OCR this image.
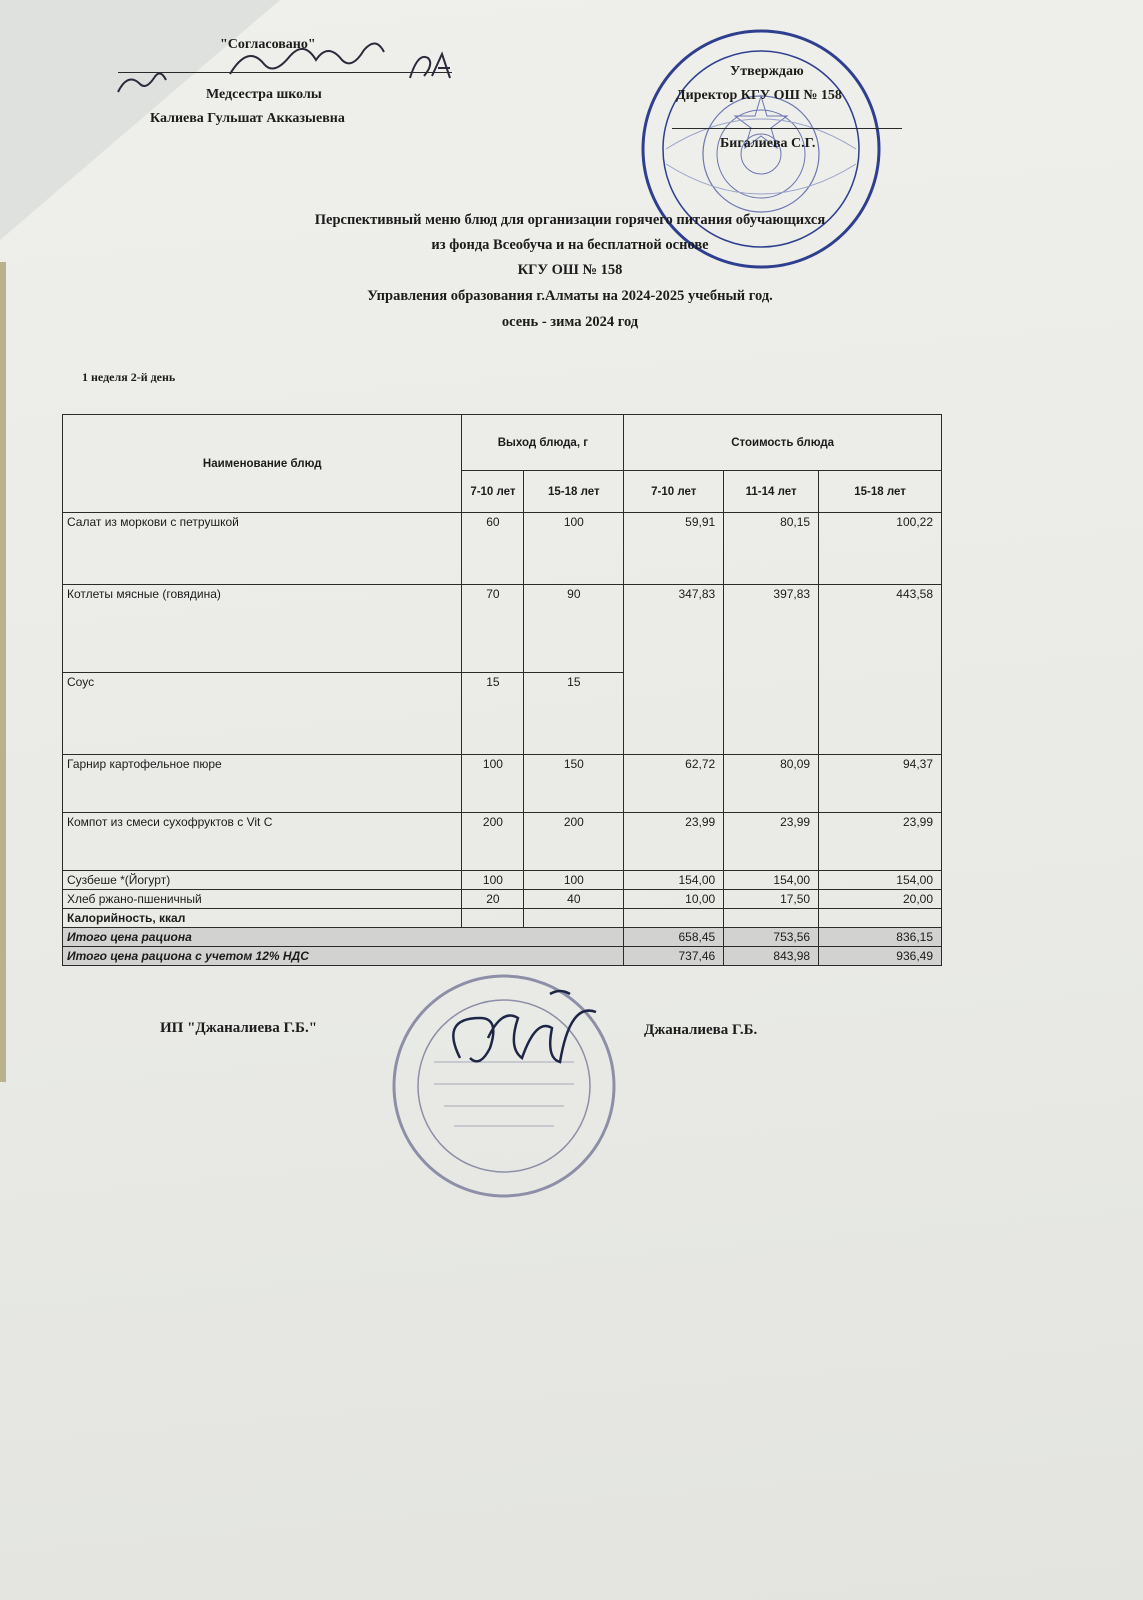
"Согласовано"
Медсестра школы
Калиева Гульшат Акказыевна
Утверждаю
Директор КГУ ОШ № 158
Бигалиева С.Г.
Перспективный меню блюд для организации горячего питания обучающихся
из фонда Всеобуча и на бесплатной основе
КГУ ОШ № 158
Управления образования г.Алматы на 2024-2025 учебный год.
осень - зима 2024 год
1 неделя 2-й день
Наименование блюд	Выход блюда, г		Стоимость блюда		
	7-10 лет	15-18 лет	7-10 лет	11-14 лет	15-18 лет
Салат из моркови с петрушкой	60	100	59,91	80,15	100,22
Котлеты мясные (говядина)	70	90	347,83	397,83	443,58
Соус	15	15			
Гарнир картофельное пюре	100	150	62,72	80,09	94,37
Компот из смеси сухофруктов с Vit C	200	200	23,99	23,99	23,99
Сузбеше *(Йогурт)	100	100	154,00	154,00	154,00
Хлеб ржано-пшеничный	20	40	10,00	17,50	20,00
Калорийность, ккал					
Итого цена рациона			658,45	753,56	836,15
Итого цена рациона с учетом 12% НДС			737,46	843,98	936,49
ИП "Джаналиева Г.Б."	Джаналиева Г.Б.
